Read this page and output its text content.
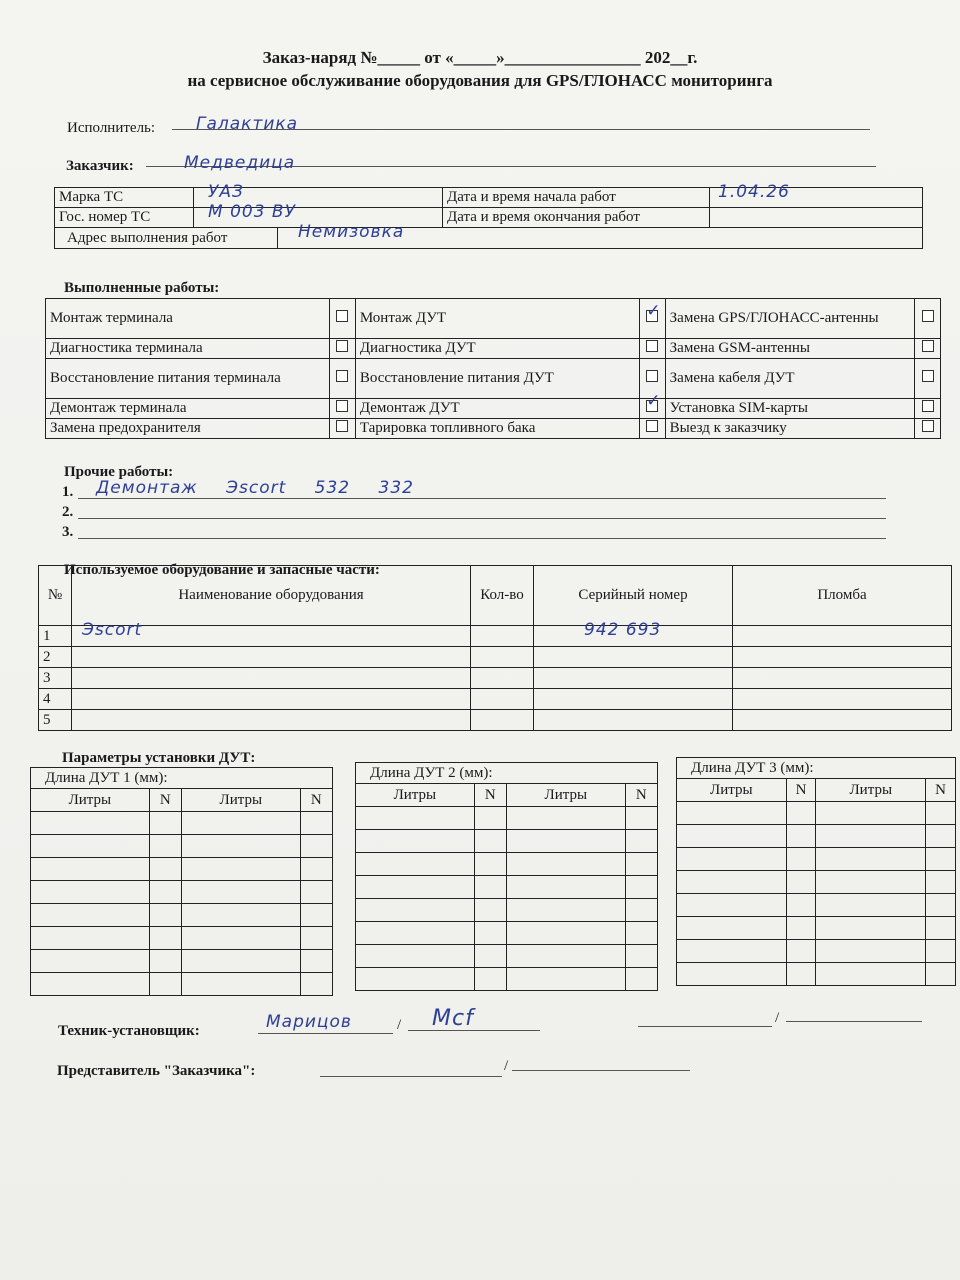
Заказ-наряд №_____ от «_____»________________ 202__г.
на сервисное обслуживание оборудования для GPS/ГЛОНАСС мониторинга
Исполнитель: Галактика
Заказчик:	Медведица
Марка ТС	УАЗ	Дата и время начала работ	1.04.26

Гос. номер ТС	М 003 ВУ	Дата и время окончания работ	

Адрес выполнения работ Немизовка			
Выполненные работы:
Монтаж терминала		Монтаж ДУТ	✓	Замена GPS/ГЛОНАСС-антенны	
Диагностика терминала		Диагностика ДУТ		Замена GSM-антенны	
Восстановление питания терминала		Восстановление питания ДУТ		Замена кабеля ДУТ	
Демонтаж терминала		Демонтаж ДУТ	✓	Установка SIM-карты	
Замена предохранителя		Тарировка топливного бака		Выезд к заказчику	
Прочие работы:
1. Демонтаж Эscort 532 332
2.
3.
Используемое оборудование и запасные части:
№	Наименование оборудования	Кол-во	Серийный номер	Пломба
1	Эscort		942 693	

2	

3	

4	

5	

Параметры установки ДУТ:
Длина ДУТ 1 (мм):			
Литры	N	Литры	N

Длина ДУТ 2 (мм):			
Литры	N	Литры	N

Длина ДУТ 3 (мм):			
Литры	N	Литры	N

Техник-установщик:	/
Марицов	Мсf	/
Представитель "Заказчика":	/
